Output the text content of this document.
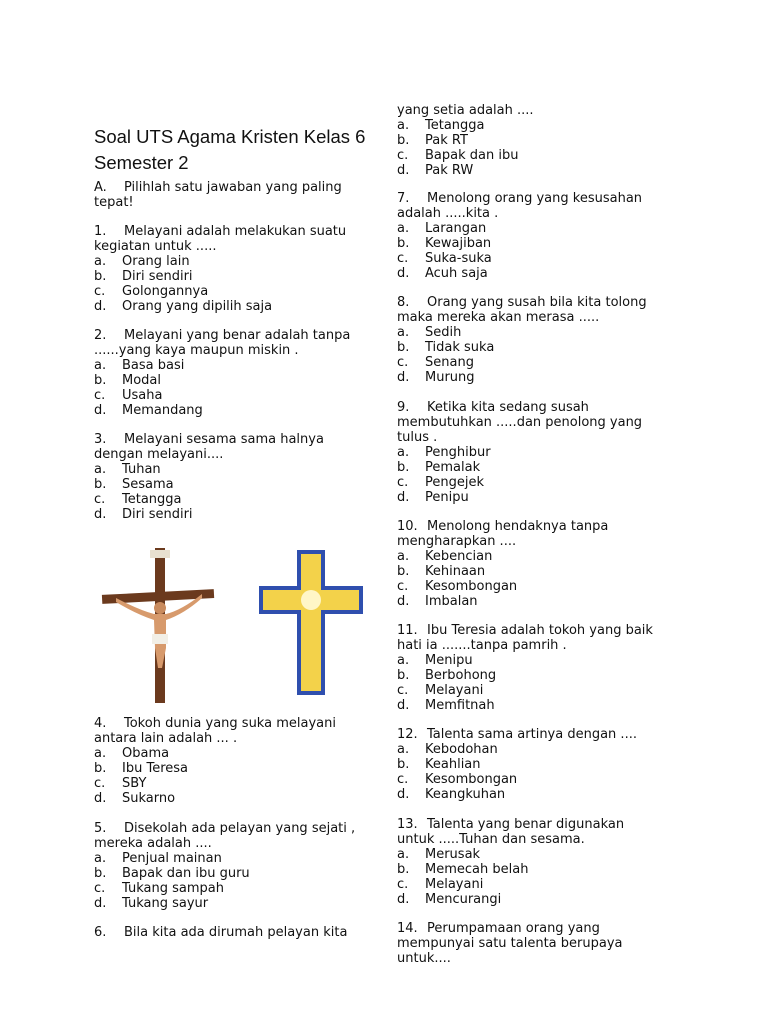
Soal UTS Agama Kristen Kelas 6
Semester 2
A. Pilihlah satu jawaban yang paling
tepat!
1. Melayani adalah melakukan suatu
kegiatan untuk .....
a. Orang lain
b. Diri sendiri
c. Golongannya
d. Orang yang dipilih saja
2. Melayani yang benar adalah tanpa
......yang kaya maupun miskin .
a. Basa basi
b. Modal
c. Usaha
d. Memandang
3. Melayani sesama sama halnya
dengan melayani....
a. Tuhan
b. Sesama
c. Tetangga
d. Diri sendiri
4. Tokoh dunia yang suka melayani
antara lain adalah ... .
a. Obama
b. Ibu Teresa
c. SBY
d. Sukarno
5. Disekolah ada pelayan yang sejati ,
mereka adalah ....
a. Penjual mainan
b. Bapak dan ibu guru
c. Tukang sampah
d. Tukang sayur
6. Bila kita ada dirumah pelayan kita
yang setia adalah ....
a. Tetangga
b. Pak RT
c. Bapak dan ibu
d. Pak RW
7. Menolong orang yang kesusahan
adalah .....kita .
a. Larangan
b. Kewajiban
c. Suka-suka
d. Acuh saja
8. Orang yang susah bila kita tolong
maka mereka akan merasa .....
a. Sedih
b. Tidak suka
c. Senang
d. Murung
9. Ketika kita sedang susah
membutuhkan .....dan penolong yang
tulus .
a. Penghibur
b. Pemalak
c. Pengejek
d. Penipu
10. Menolong hendaknya tanpa
mengharapkan ....
a. Kebencian
b. Kehinaan
c. Kesombongan
d. Imbalan
11. Ibu Teresia adalah tokoh yang baik
hati ia .......tanpa pamrih .
a. Menipu
b. Berbohong
c. Melayani
d. Memfitnah
12. Talenta sama artinya dengan ....
a. Kebodohan
b. Keahlian
c. Kesombongan
d. Keangkuhan
13. Talenta yang benar digunakan
untuk .....Tuhan dan sesama.
a. Merusak
b. Memecah belah
c. Melayani
d. Mencurangi
14. Perumpamaan orang yang
mempunyai satu talenta berupaya
untuk....
